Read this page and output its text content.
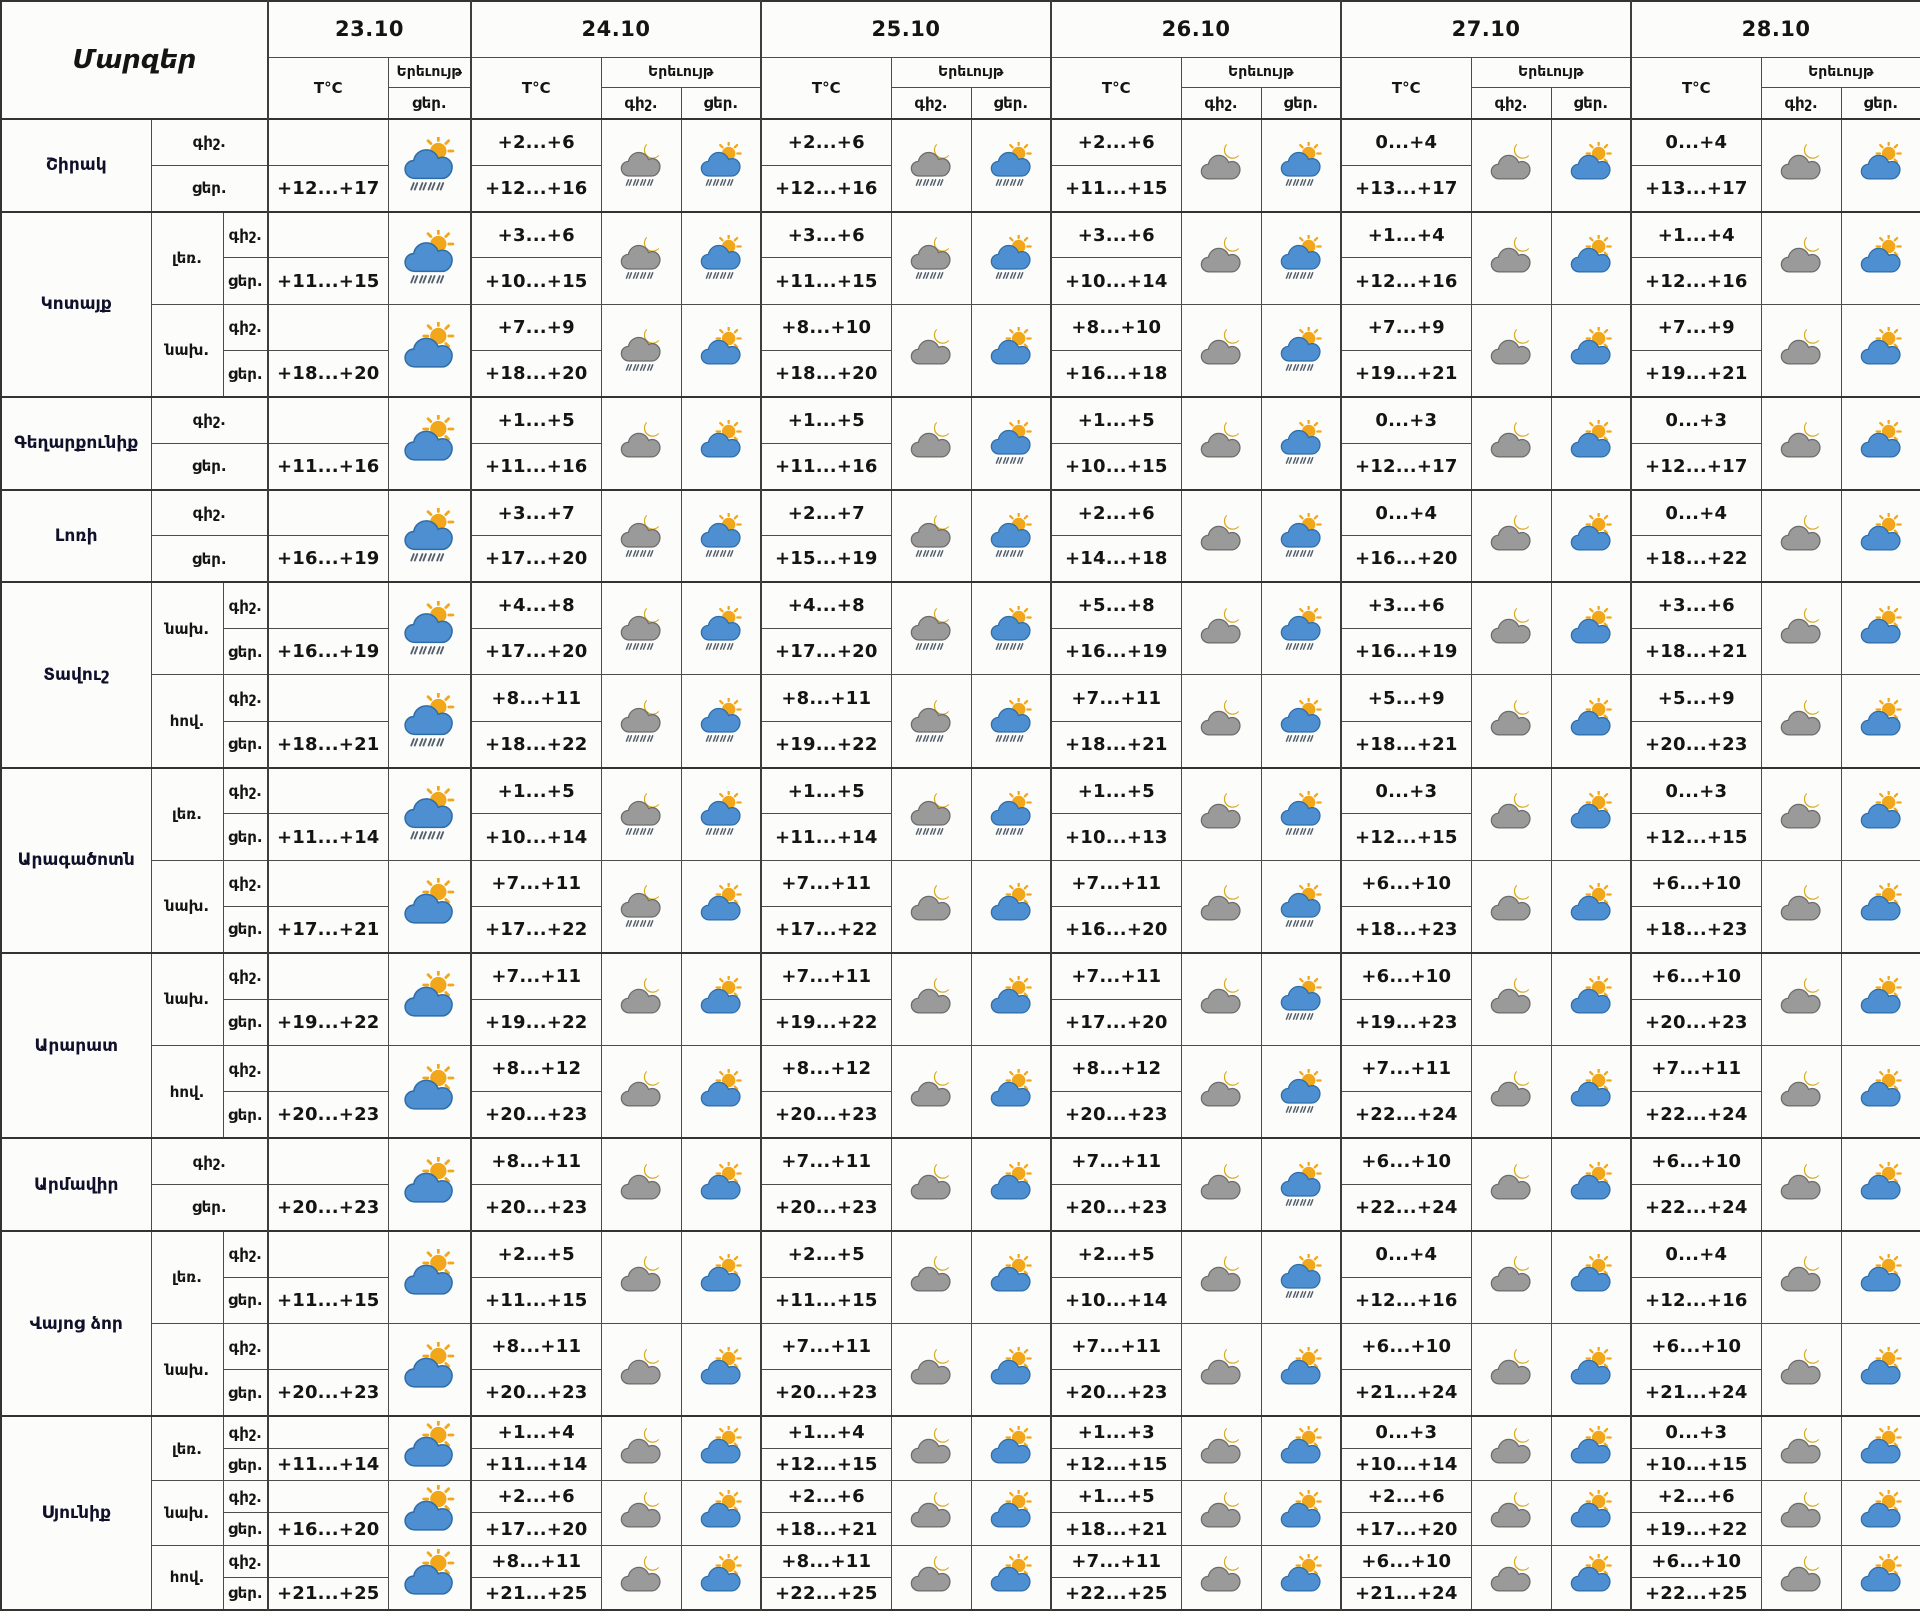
Մարզեր			23.10		24.10			25.10			26.10			27.10			28.10		
			T°C	Երեւույթ	T°C	Երեւույթ		T°C	Երեւույթ		T°C	Երեւույթ		T°C	Երեւույթ		T°C	Երեւույթ	
				ցեր.		գիշ.	ցեր.		գիշ.	ցեր.		գիշ.	ցեր.		գիշ.	ցեր.		գիշ.	ցեր.
Շիրակ	գիշ.				+2...+6			+2...+6			+2...+6			0...+4			0...+4	

	ցեր.		+12...+17		+12...+16			+12...+16			+11...+15			+13...+17			+13...+17		
Կոտայք	լեռ.	գիշ.			+3...+6			+3...+6			+3...+6			+1...+4			+1...+4	

		ցեր.	+11...+15		+10...+15			+11...+15			+10...+14			+12...+16			+12...+16		
	նախ.	գիշ.			+7...+9			+8...+10			+8...+10			+7...+9			+7...+9	

		ցեր.	+18...+20		+18...+20			+18...+20			+16...+18			+19...+21			+19...+21		
Գեղարքունիք	գիշ.				+1...+5			+1...+5			+1...+5			0...+3			0...+3	

	ցեր.		+11...+16		+11...+16			+11...+16			+10...+15			+12...+17			+12...+17		
Լոռի	գիշ.				+3...+7			+2...+7			+2...+6			0...+4			0...+4	

	ցեր.		+16...+19		+17...+20			+15...+19			+14...+18			+16...+20			+18...+22		
Տավուշ	նախ.	գիշ.			+4...+8			+4...+8			+5...+8			+3...+6			+3...+6	

		ցեր.	+16...+19		+17...+20			+17...+20			+16...+19			+16...+19			+18...+21		
	հով.	գիշ.			+8...+11			+8...+11			+7...+11			+5...+9			+5...+9	

		ցեր.	+18...+21		+18...+22			+19...+22			+18...+21			+18...+21			+20...+23		
Արագածոտն	լեռ.	գիշ.			+1...+5			+1...+5			+1...+5			0...+3			0...+3	

		ցեր.	+11...+14		+10...+14			+11...+14			+10...+13			+12...+15			+12...+15		
	նախ.	գիշ.			+7...+11			+7...+11			+7...+11			+6...+10			+6...+10	

		ցեր.	+17...+21		+17...+22			+17...+22			+16...+20			+18...+23			+18...+23		
Արարատ	նախ.	գիշ.			+7...+11			+7...+11			+7...+11			+6...+10			+6...+10	

		ցեր.	+19...+22		+19...+22			+19...+22			+17...+20			+19...+23			+20...+23		
	հով.	գիշ.			+8...+12			+8...+12			+8...+12			+7...+11			+7...+11	

		ցեր.	+20...+23		+20...+23			+20...+23			+20...+23			+22...+24			+22...+24		
Արմավիր	գիշ.				+8...+11			+7...+11			+7...+11			+6...+10			+6...+10	

	ցեր.		+20...+23		+20...+23			+20...+23			+20...+23			+22...+24			+22...+24		
Վայոց ձոր	լեռ.	գիշ.			+2...+5			+2...+5			+2...+5			0...+4			0...+4	

		ցեր.	+11...+15		+11...+15			+11...+15			+10...+14			+12...+16			+12...+16		
	նախ.	գիշ.			+8...+11			+7...+11			+7...+11			+6...+10			+6...+10	

		ցեր.	+20...+23		+20...+23			+20...+23			+20...+23			+21...+24			+21...+24		
Սյունիք	լեռ.	գիշ.			+1...+4			+1...+4			+1...+3			0...+3			0...+3	

		ցեր.	+11...+14		+11...+14			+12...+15			+12...+15			+10...+14			+10...+15		
	նախ.	գիշ.			+2...+6			+2...+6			+1...+5			+2...+6			+2...+6	

		ցեր.	+16...+20		+17...+20			+18...+21			+18...+21			+17...+20			+19...+22		
	հով.	գիշ.			+8...+11			+8...+11			+7...+11			+6...+10			+6...+10	

		ցեր.	+21...+25		+21...+25			+22...+25			+22...+25			+21...+24			+22...+25		
